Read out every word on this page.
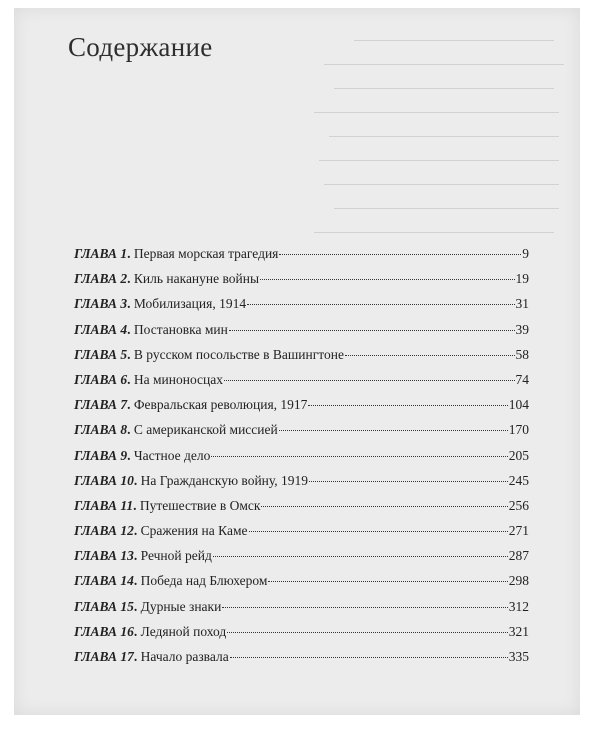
Содержание
ГЛАВА 1 . Первая морская трагедия	9
ГЛАВА 2 . Киль накануне войны	19
ГЛАВА 3 . Мобилизация, 1914	31
ГЛАВА 4 . Постановка мин	39
ГЛАВА 5 . В русском посольстве в Вашингтоне	58
ГЛАВА 6 . На миноносцах	74
ГЛАВА 7 . Февральская революция, 1917	104
ГЛАВА 8 . С американской миссией	170
ГЛАВА 9 . Частное дело	205
ГЛАВА 10 . На Гражданскую войну, 1919	245
ГЛАВА 11 . Путешествие в Омск	256
ГЛАВА 12 . Сражения на Каме	271
ГЛАВА 13 . Речной рейд	287
ГЛАВА 14 . Победа над Блюхером	298
ГЛАВА 15 . Дурные знаки	312
ГЛАВА 16 . Ледяной поход	321
ГЛАВА 17 . Начало развала	335
